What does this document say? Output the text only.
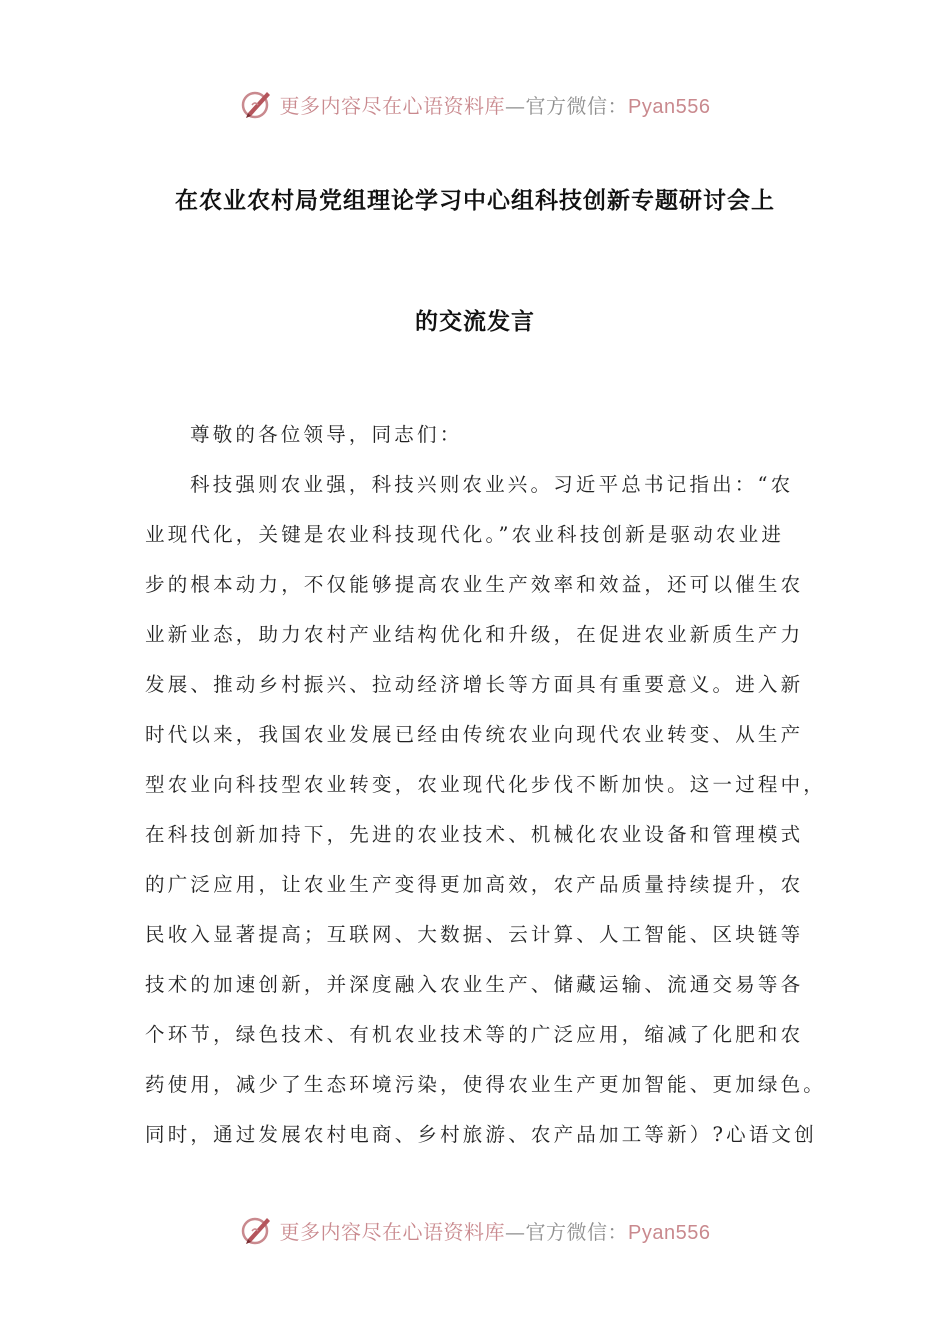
更多内容尽在心语资料库—官方微信：Pyan556
在农业农村局党组理论学习中心组科技创新专题研讨会上
的交流发言
尊敬的各位领导，同志们：
科技强则农业强，科技兴则农业兴。习近平总书记指出：“农
业现代化，关键是农业科技现代化。”农业科技创新是驱动农业进
步的根本动力，不仅能够提高农业生产效率和效益，还可以催生农
业新业态，助力农村产业结构优化和升级，在促进农业新质生产力
发展、推动乡村振兴、拉动经济增长等方面具有重要意义。进入新
时代以来，我国农业发展已经由传统农业向现代农业转变、从生产
型农业向科技型农业转变，农业现代化步伐不断加快。这一过程中，
在科技创新加持下，先进的农业技术、机械化农业设备和管理模式
的广泛应用，让农业生产变得更加高效，农产品质量持续提升，农
民收入显著提高；互联网、大数据、云计算、人工智能、区块链等
技术的加速创新，并深度融入农业生产、储藏运输、流通交易等各
个环节，绿色技术、有机农业技术等的广泛应用，缩减了化肥和农
药使用，减少了生态环境污染，使得农业生产更加智能、更加绿色。
同时，通过发展农村电商、乡村旅游、农产品加工等新）?心语文创
更多内容尽在心语资料库—官方微信：Pyan556
